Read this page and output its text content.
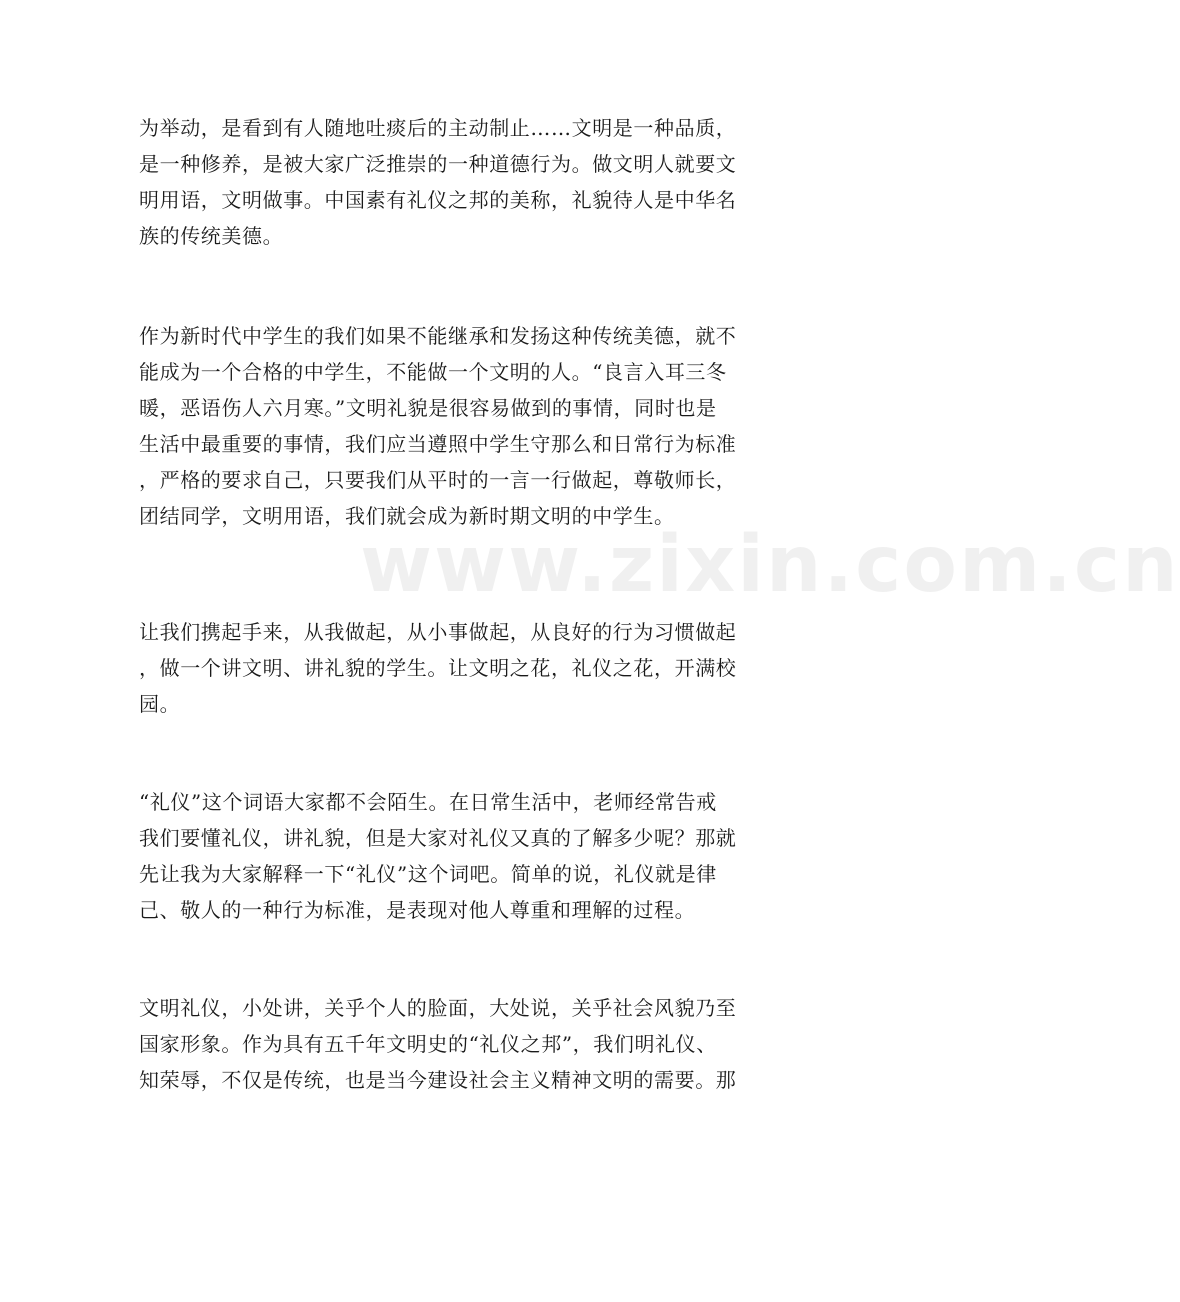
www.zixin.com.cn
为举动，是看到有人随地吐痰后的主动制止……文明是一种品质，
是一种修养，是被大家广泛推崇的一种道德行为。做文明人就要文
明用语，文明做事。中国素有礼仪之邦的美称，礼貌待人是中华名
族的传统美德。
作为新时代中学生的我们如果不能继承和发扬这种传统美德，就不
能成为一个合格的中学生，不能做一个文明的人。“良言入耳三冬
暖，恶语伤人六月寒。”文明礼貌是很容易做到的事情，同时也是
生活中最重要的事情，我们应当遵照中学生守那么和日常行为标准
，严格的要求自己，只要我们从平时的一言一行做起，尊敬师长，
团结同学，文明用语，我们就会成为新时期文明的中学生。
让我们携起手来，从我做起，从小事做起，从良好的行为习惯做起
，做一个讲文明、讲礼貌的学生。让文明之花，礼仪之花，开满校
园。
“礼仪”这个词语大家都不会陌生。在日常生活中，老师经常告戒
我们要懂礼仪，讲礼貌，但是大家对礼仪又真的了解多少呢？那就
先让我为大家解释一下“礼仪”这个词吧。简单的说，礼仪就是律
己、敬人的一种行为标准，是表现对他人尊重和理解的过程。
文明礼仪，小处讲，关乎个人的脸面，大处说，关乎社会风貌乃至
国家形象。作为具有五千年文明史的“礼仪之邦”，我们明礼仪、
知荣辱，不仅是传统，也是当今建设社会主义精神文明的需要。那
